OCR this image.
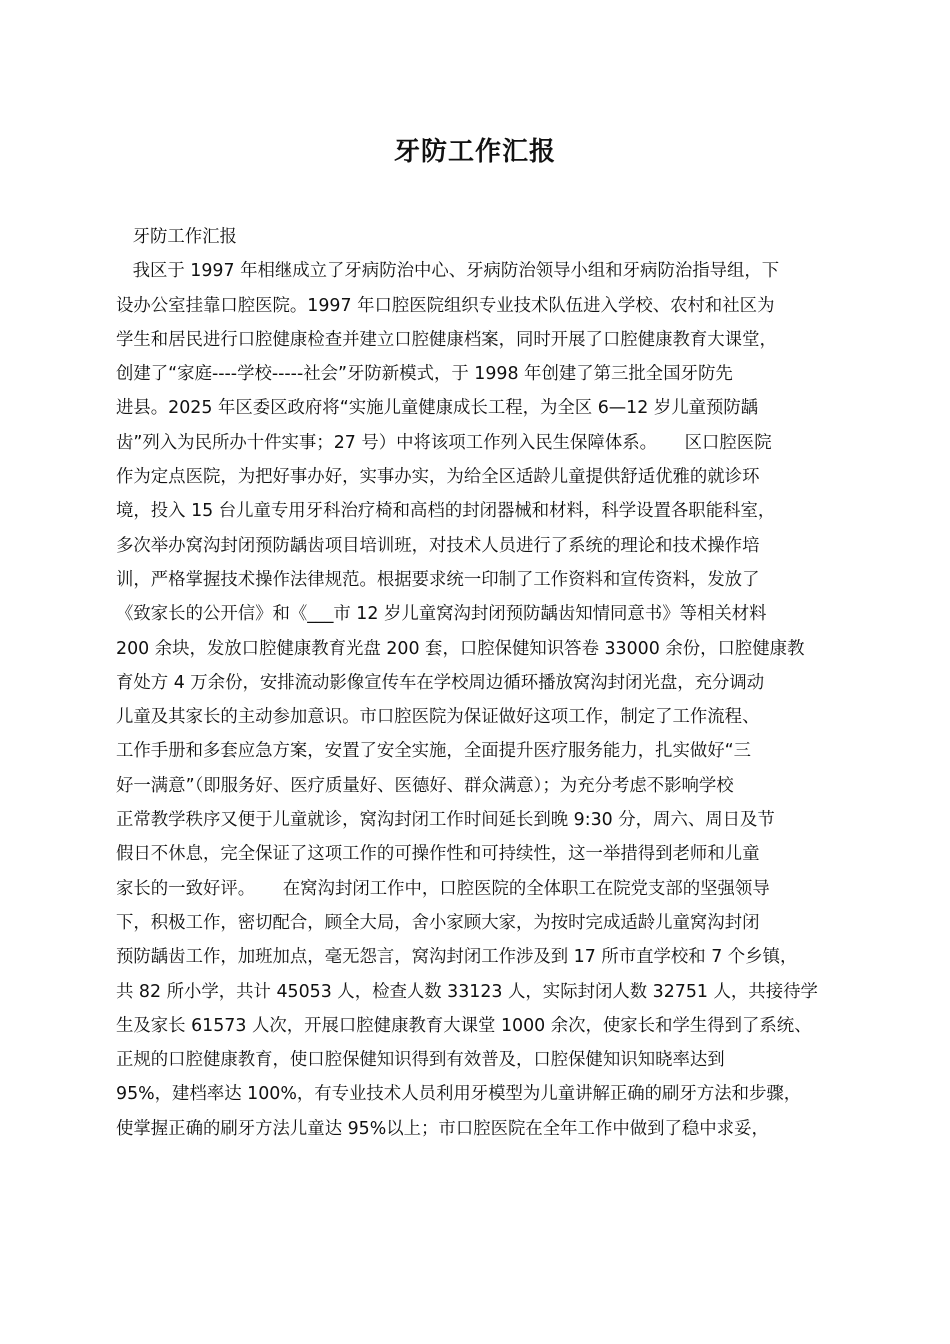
牙防工作汇报
牙防工作汇报
我区于 1997 年相继成立了牙病防治中心、牙病防治领导小组和牙病防治指导组，下
设办公室挂靠口腔医院。1997 年口腔医院组织专业技术队伍进入学校、农村和社区为
学生和居民进行口腔健康检查并建立口腔健康档案，同时开展了口腔健康教育大课堂，
创建了“家庭----学校-----社会”牙防新模式，于 1998 年创建了第三批全国牙防先
进县。2025 年区委区政府将“实施儿童健康成长工程，为全区 6—12 岁儿童预防龋
齿”列入为民所办十件实事；27 号）中将该项工作列入民生保障体系。     区口腔医院
作为定点医院，为把好事办好，实事办实，为给全区适龄儿童提供舒适优雅的就诊环
境，投入 15 台儿童专用牙科治疗椅和高档的封闭器械和材料，科学设置各职能科室，
多次举办窝沟封闭预防龋齿项目培训班，对技术人员进行了系统的理论和技术操作培
训，严格掌握技术操作法律规范。根据要求统一印制了工作资料和宣传资料，发放了
《致家长的公开信》和《___市 12 岁儿童窝沟封闭预防龋齿知情同意书》等相关材料
200 余块，发放口腔健康教育光盘 200 套，口腔保健知识答卷 33000 余份，口腔健康教
育处方 4 万余份，安排流动影像宣传车在学校周边循环播放窝沟封闭光盘，充分调动
儿童及其家长的主动参加意识。市口腔医院为保证做好这项工作，制定了工作流程、
工作手册和多套应急方案，安置了安全实施，全面提升医疗服务能力，扎实做好“三
好一满意”（即服务好、医疗质量好、医德好、群众满意）；为充分考虑不影响学校
正常教学秩序又便于儿童就诊，窝沟封闭工作时间延长到晚 9:30 分，周六、周日及节
假日不休息，完全保证了这项工作的可操作性和可持续性，这一举措得到老师和儿童
家长的一致好评。     在窝沟封闭工作中，口腔医院的全体职工在院党支部的坚强领导
下，积极工作，密切配合，顾全大局，舍小家顾大家，为按时完成适龄儿童窝沟封闭
预防龋齿工作，加班加点，毫无怨言，窝沟封闭工作涉及到 17 所市直学校和 7 个乡镇，
共 82 所小学，共计 45053 人，检查人数 33123 人，实际封闭人数 32751 人，共接待学
生及家长 61573 人次，开展口腔健康教育大课堂 1000 余次，使家长和学生得到了系统、
正规的口腔健康教育，使口腔保健知识得到有效普及，口腔保健知识知晓率达到
95%，建档率达 100%，有专业技术人员利用牙模型为儿童讲解正确的刷牙方法和步骤，
使掌握正确的刷牙方法儿童达 95%以上；市口腔医院在全年工作中做到了稳中求妥，
